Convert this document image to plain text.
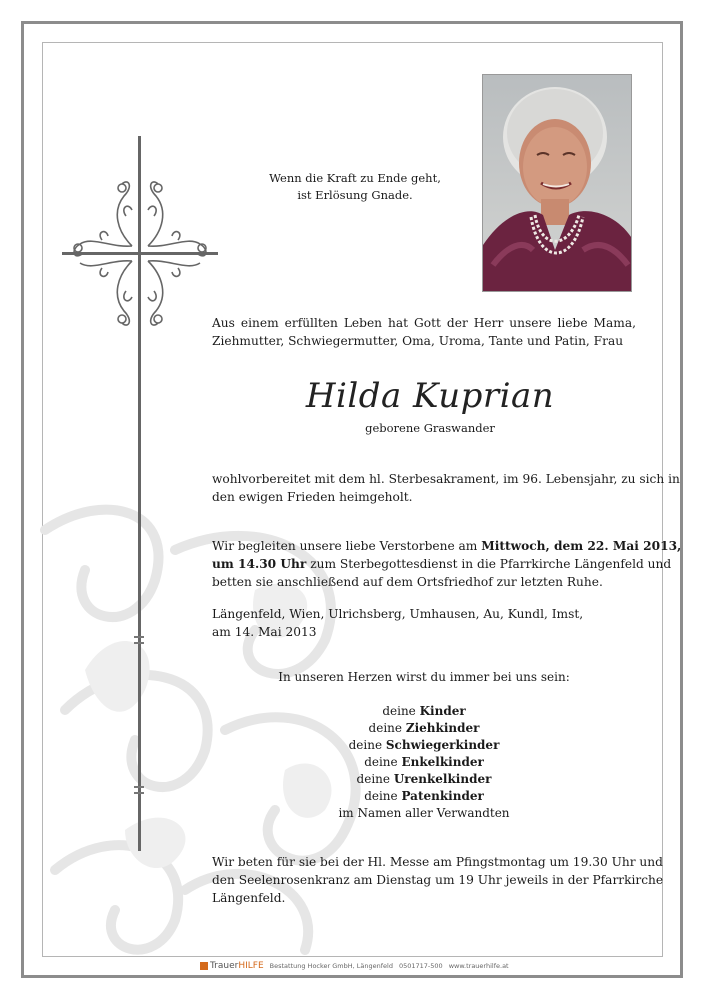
Wenn die Kraft zu Ende geht,
ist Erlösung Gnade.
Aus einem erfüllten Leben hat Gott der Herr unsere liebe Mama,
Ziehmutter, Schwiegermutter, Oma, Uroma, Tante und Patin, Frau
Hilda Kuprian
geborene Graswander
wohlvorbereitet mit dem hl. Sterbesakrament, im 96. Lebensjahr, zu sich in
den ewigen Frieden heimgeholt.
Wir begleiten unsere liebe Verstorbene am Mittwoch, dem 22. Mai 2013,
um 14.30 Uhr zum Sterbegottesdienst in die Pfarrkirche Längenfeld und
betten sie anschließend auf dem Ortsfriedhof zur letzten Ruhe.
Längenfeld, Wien, Ulrichsberg, Umhausen, Au, Kundl, Imst,
am 14. Mai 2013
In unseren Herzen wirst du immer bei uns sein:
deine Kinder
deine Ziehkinder
deine Schwiegerkinder
deine Enkelkinder
deine Urenkelkinder
deine Patenkinder
im Namen aller Verwandten
Wir beten für sie bei der Hl. Messe am Pfingstmontag um 19.30 Uhr und
den Seelenrosenkranz am Dienstag um 19 Uhr jeweils in der Pfarrkirche
Längenfeld.
TrauerHILFE Bestattung Hocker GmbH, Längenfeld 0501717-500 www.trauerhilfe.at
